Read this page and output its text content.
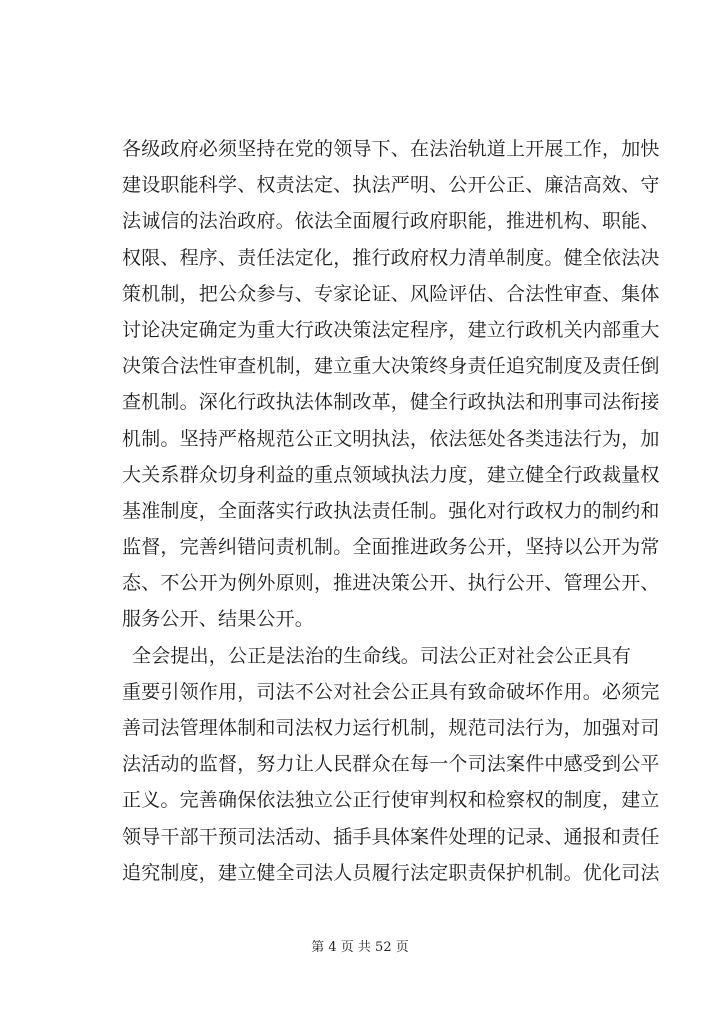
各级政府必须坚持在党的领导下、在法治轨道上开展工作，加快
建设职能科学、权责法定、执法严明、公开公正、廉洁高效、守
法诚信的法治政府。依法全面履行政府职能，推进机构、职能、
权限、程序、责任法定化，推行政府权力清单制度。健全依法决
策机制，把公众参与、专家论证、风险评估、合法性审查、集体
讨论决定确定为重大行政决策法定程序，建立行政机关内部重大
决策合法性审查机制，建立重大决策终身责任追究制度及责任倒
查机制。深化行政执法体制改革，健全行政执法和刑事司法衔接
机制。坚持严格规范公正文明执法，依法惩处各类违法行为，加
大关系群众切身利益的重点领域执法力度，建立健全行政裁量权
基准制度，全面落实行政执法责任制。强化对行政权力的制约和
监督，完善纠错问责机制。全面推进政务公开，坚持以公开为常
态、不公开为例外原则，推进决策公开、执行公开、管理公开、
服务公开、结果公开。
全会提出，公正是法治的生命线。司法公正对社会公正具有
重要引领作用，司法不公对社会公正具有致命破坏作用。必须完
善司法管理体制和司法权力运行机制，规范司法行为，加强对司
法活动的监督，努力让人民群众在每一个司法案件中感受到公平
正义。完善确保依法独立公正行使审判权和检察权的制度，建立
领导干部干预司法活动、插手具体案件处理的记录、通报和责任
追究制度，建立健全司法人员履行法定职责保护机制。优化司法
第 4 页 共 52 页
